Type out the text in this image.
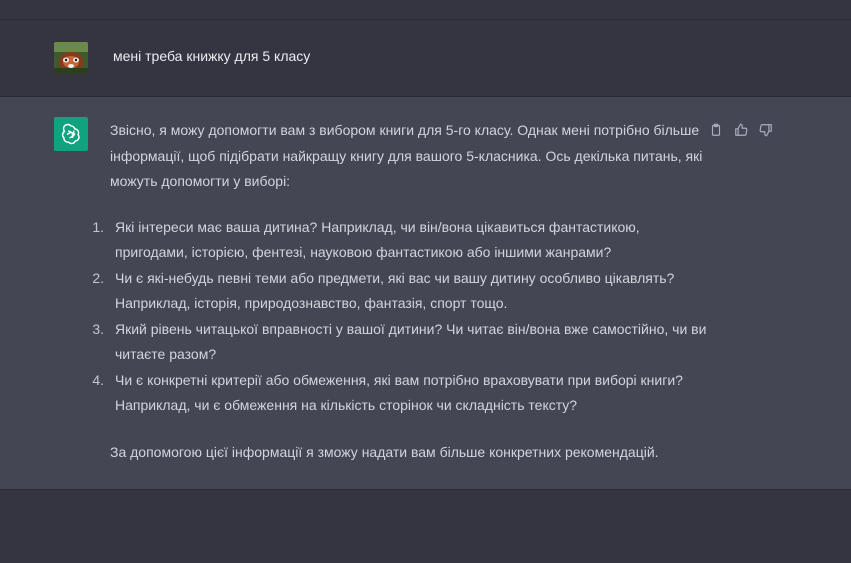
мені треба книжку для 5 класу

Звісно, я можу допомогти вам з вибором книги для 5-го класу. Однак мені потрібно більше інформації, щоб підібрати найкращу книгу для вашого 5-класника. Ось декілька питань, які можуть допомогти у виборі:

1. Які інтереси має ваша дитина? Наприклад, чи він/вона цікавиться фантастикою, пригодами, історією, фентезі, науковою фантастикою або іншими жанрами?
2. Чи є які-небудь певні теми або предмети, які вас чи вашу дитину особливо цікавлять? Наприклад, історія, природознавство, фантазія, спорт тощо.
3. Який рівень читацької вправності у вашої дитини? Чи читає він/вона вже самостійно, чи ви читаєте разом?
4. Чи є конкретні критерії або обмеження, які вам потрібно враховувати при виборі книги? Наприклад, чи є обмеження на кількість сторінок чи складність тексту?

За допомогою цієї інформації я зможу надати вам більше конкретних рекомендацій.
